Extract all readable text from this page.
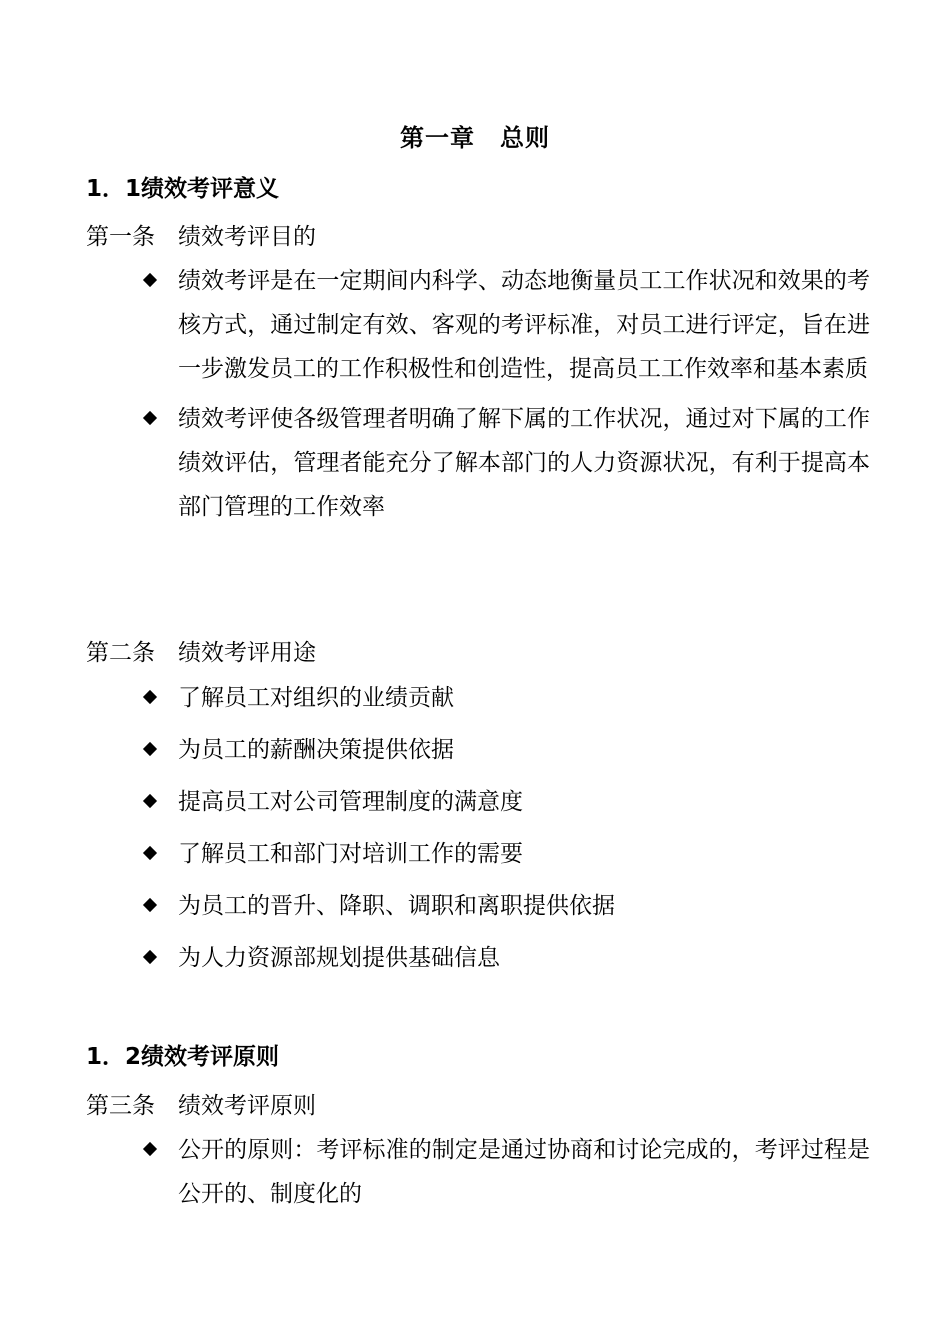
第一章　总则
1．1绩效考评意义
第一条　绩效考评目的
绩效考评是在一定期间内科学、动态地衡量员工工作状况和效果的考核方式，通过制定有效、客观的考评标准，对员工进行评定，旨在进一步激发员工的工作积极性和创造性，提高员工工作效率和基本素质
绩效考评使各级管理者明确了解下属的工作状况，通过对下属的工作绩效评估，管理者能充分了解本部门的人力资源状况，有利于提高本部门管理的工作效率
第二条　绩效考评用途
了解员工对组织的业绩贡献
为员工的薪酬决策提供依据
提高员工对公司管理制度的满意度
了解员工和部门对培训工作的需要
为员工的晋升、降职、调职和离职提供依据
为人力资源部规划提供基础信息
1．2绩效考评原则
第三条　绩效考评原则
公开的原则：考评标准的制定是通过协商和讨论完成的，考评过程是公开的、制度化的
